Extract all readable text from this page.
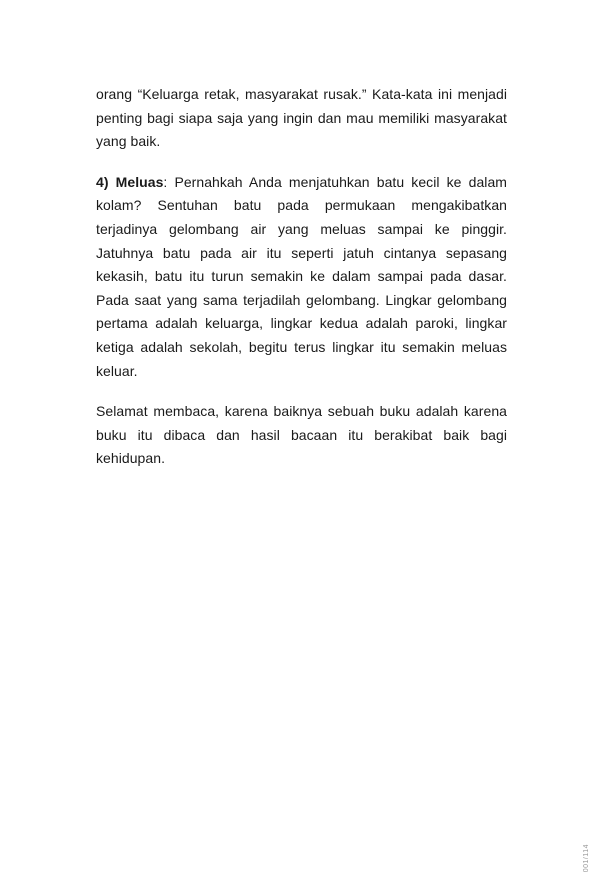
orang “Keluarga retak, masyarakat rusak.” Kata-kata ini menjadi penting bagi siapa saja yang ingin dan mau memiliki masyarakat yang baik.

4) Meluas: Pernahkah Anda menjatuhkan batu kecil ke dalam kolam? Sentuhan batu pada permukaan mengakibatkan terjadinya gelombang air yang meluas sampai ke pinggir. Jatuhnya batu pada air itu seperti jatuh cintanya sepasang kekasih, batu itu turun semakin ke dalam sampai pada dasar. Pada saat yang sama terjadilah gelombang. Lingkar gelombang pertama adalah keluarga, lingkar kedua adalah paroki, lingkar ketiga adalah sekolah, begitu terus lingkar itu semakin meluas keluar.

Selamat membaca, karena baiknya sebuah buku adalah karena buku itu dibaca dan hasil bacaan itu berakibat baik bagi kehidupan.

001/114
